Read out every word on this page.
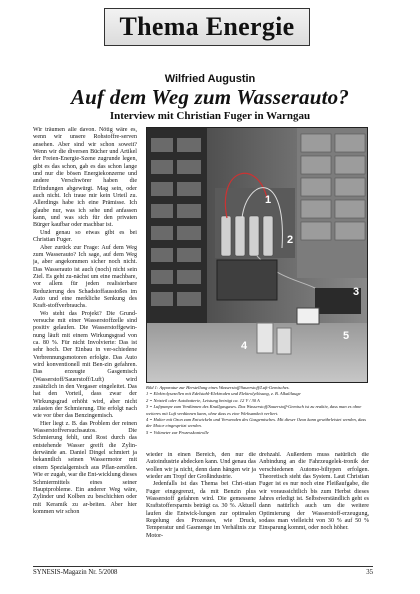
Thema Energie
Wilfried Augustin
Auf dem Weg zum Wasserauto?
Interview mit Christian Fuger in Warngau

Wir träumen alle davon. Nötig wäre es, wenn wir unsere Rohstoffre-serven ansehen. Aber sind wir schon soweit? Wenn wir die diversen Bücher und Artikel der Freien-Energie-Szene zugrunde legen, gibt es das schon, gab es das schon lange und nur die bösen Energiekonzerne und andere Verschwörer haben die Erfindungen abgewürgt. Mag sein, oder auch nicht. Ich traue mir kein Urteil zu. Allerdings habe ich eine Prämisse. Ich glaube nur, was ich sehe und anfassen kann, und was sich für den privaten Bürger kaufbar oder machbar ist.

Und genau so etwas gibt es bei Christian Fuger.

Aber zurück zur Frage: Auf dem Weg zum Wasserauto? Ich sage, auf dem Weg ja, aber angekommen sicher noch nicht. Das Wasserauto ist auch (noch) nicht sein Ziel. Es geht zu-nächst um eine machbare, vor allem für jeden realisierbare Reduzierung des Schadstoffausstoßes im Auto und eine merkliche Senkung des Kraft-stoffverbrauchs.

Wo steht das Projekt? Die Grund-versuche mit einer Wasserstoffzelle sind positiv gelaufen. Die Wasserstoffgewin-nung läuft mit einem Wirkungsgrad von ca. 80 %. Für nicht Involvierte: Das ist sehr hoch. Der Einbau in ver-schiedene Verbrennungsmotoren erfolgte. Das Auto wird konventionell mit Ben-zin gefahren. Das erzeugte Gasgemisch (Wasserstoff/Sauerstoff/Luft) wird zusätzlich in den Vergaser eingeleitet. Das hat den Vorteil, dass zwar der Wirkungsgrad erhöht wird, aber nicht zulasten der Schmierung. Die erfolgt nach wie vor über das Benzingemisch.

Hier liegt z. B. das Problem der reinen Wasserstoffversuchsautos. Die Schmierung fehlt, und Rost durch das entstehende Wasser greift die Zylin-derwände an. Daniel Dingel schmiert ja bekanntlich seinen Wassermotor mit einem Spezialgemisch aus Pflan-zenölen. Wie er zugab, war die Ent-wicklung dieses Schmiermittels eines seiner Hauptprobleme. Ein anderer Weg wäre, Zylinder und Kolben zu beschichten oder mit Keramik zu ar-beiten. Aber hier kommen wir schon

1
2
3
4
5
Bild 1: Apparatur zur Herstellung eines Wasserstoff/Sauerstoff/Luft-Gemisches.
1 = Elektrolysezellen mit Edelstahl-Elektroden und Elektrolytlösung, z. B. Alkalilauge
2 = Netzteil oder Autobatterie, Leistung beträgt ca. 12 V / 30 A
3 = Luftpumpe zum Verdünnen des Knallgasgases. Das Wasserstoff/Sauerstoff-Gemisch ist zu reaktiv, dass man es ohne weiteres mit Luft verdünnen kann, ohne dass es eine Wirksamkeit verliert.
4 = Halter mit Ozon zum Entwickeln und Verwenden des Gasgemisches. Mit dieser Ozon kann gewährleistet werden, dass der Motor eingespritzt werden.
5 = Voltmeter zur Prozesskontrolle

wieder in einen Bereich, den nur die Autoindustrie abdecken kann. Und genau das wollen wir ja nicht, denn dann hängen wir ja wieder am Tropf der Großindustrie.

Jedenfalls ist das Thema bei Chri-stian Fuger eingegrenzt, da mit Benzin plus Wasserstoff gefahren wird. Die gemessene Kraftstoffersparnis beträgt ca. 30 %. Aktuell laufen die Entwick-lungen zur optimalen Regelung des Prozesses, wie Druck, Temperatur und Gasmenge im Verhältnis zur Motor-

drehzahl. Außerdem muss natürlich die Anbindung an die Fahrzeugelek-tronik der verschiedenen Automo-biltypen erfolgen. Theoretisch steht das System. Laut Christian Fuger ist es nur noch eine Fleißaufgabe, die wir voraussichtlich bis zum Herbst dieses Jahres erledigt ist. Selbstverständlich geht es dann natürlich auch um die weitere Optimierung der Wasserstoff-erzeugung, sodass man vielleicht von 30 % auf 50 % Einsparung kommt, oder noch höher.

SYNESIS-Magazin Nr. 5/2008	35
